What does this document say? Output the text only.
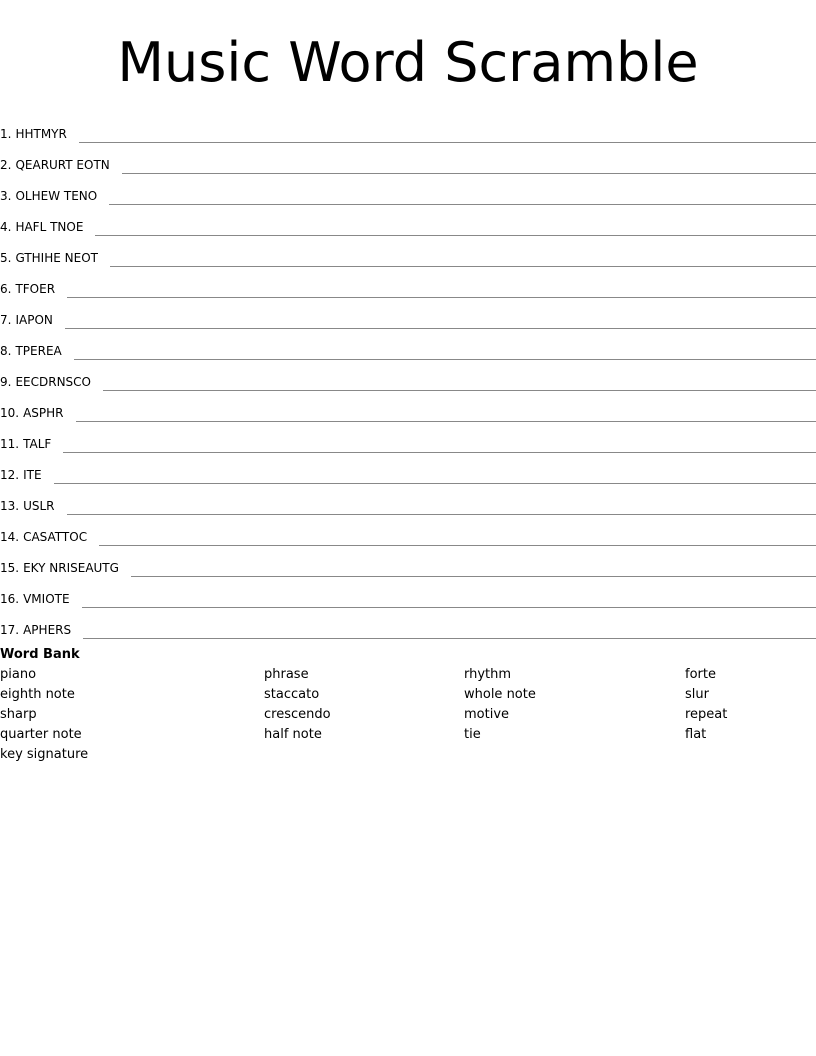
Music Word Scramble
1. HHTMYR
2. QEARURT EOTN
3. OLHEW TENO
4. HAFL TNOE
5. GTHIHE NEOT
6. TFOER
7. IAPON
8. TPEREA
9. EECDRNSCO
10. ASPHR
11. TALF
12. ITE
13. USLR
14. CASATTOC
15. EKY NRISEAUTG
16. VMIOTE
17. APHERS
Word Bank
piano	phrase	rhythm	forte
eighth note	staccato	whole note	slur
sharp	crescendo	motive	repeat
quarter note	half note	tie	flat
key signature
